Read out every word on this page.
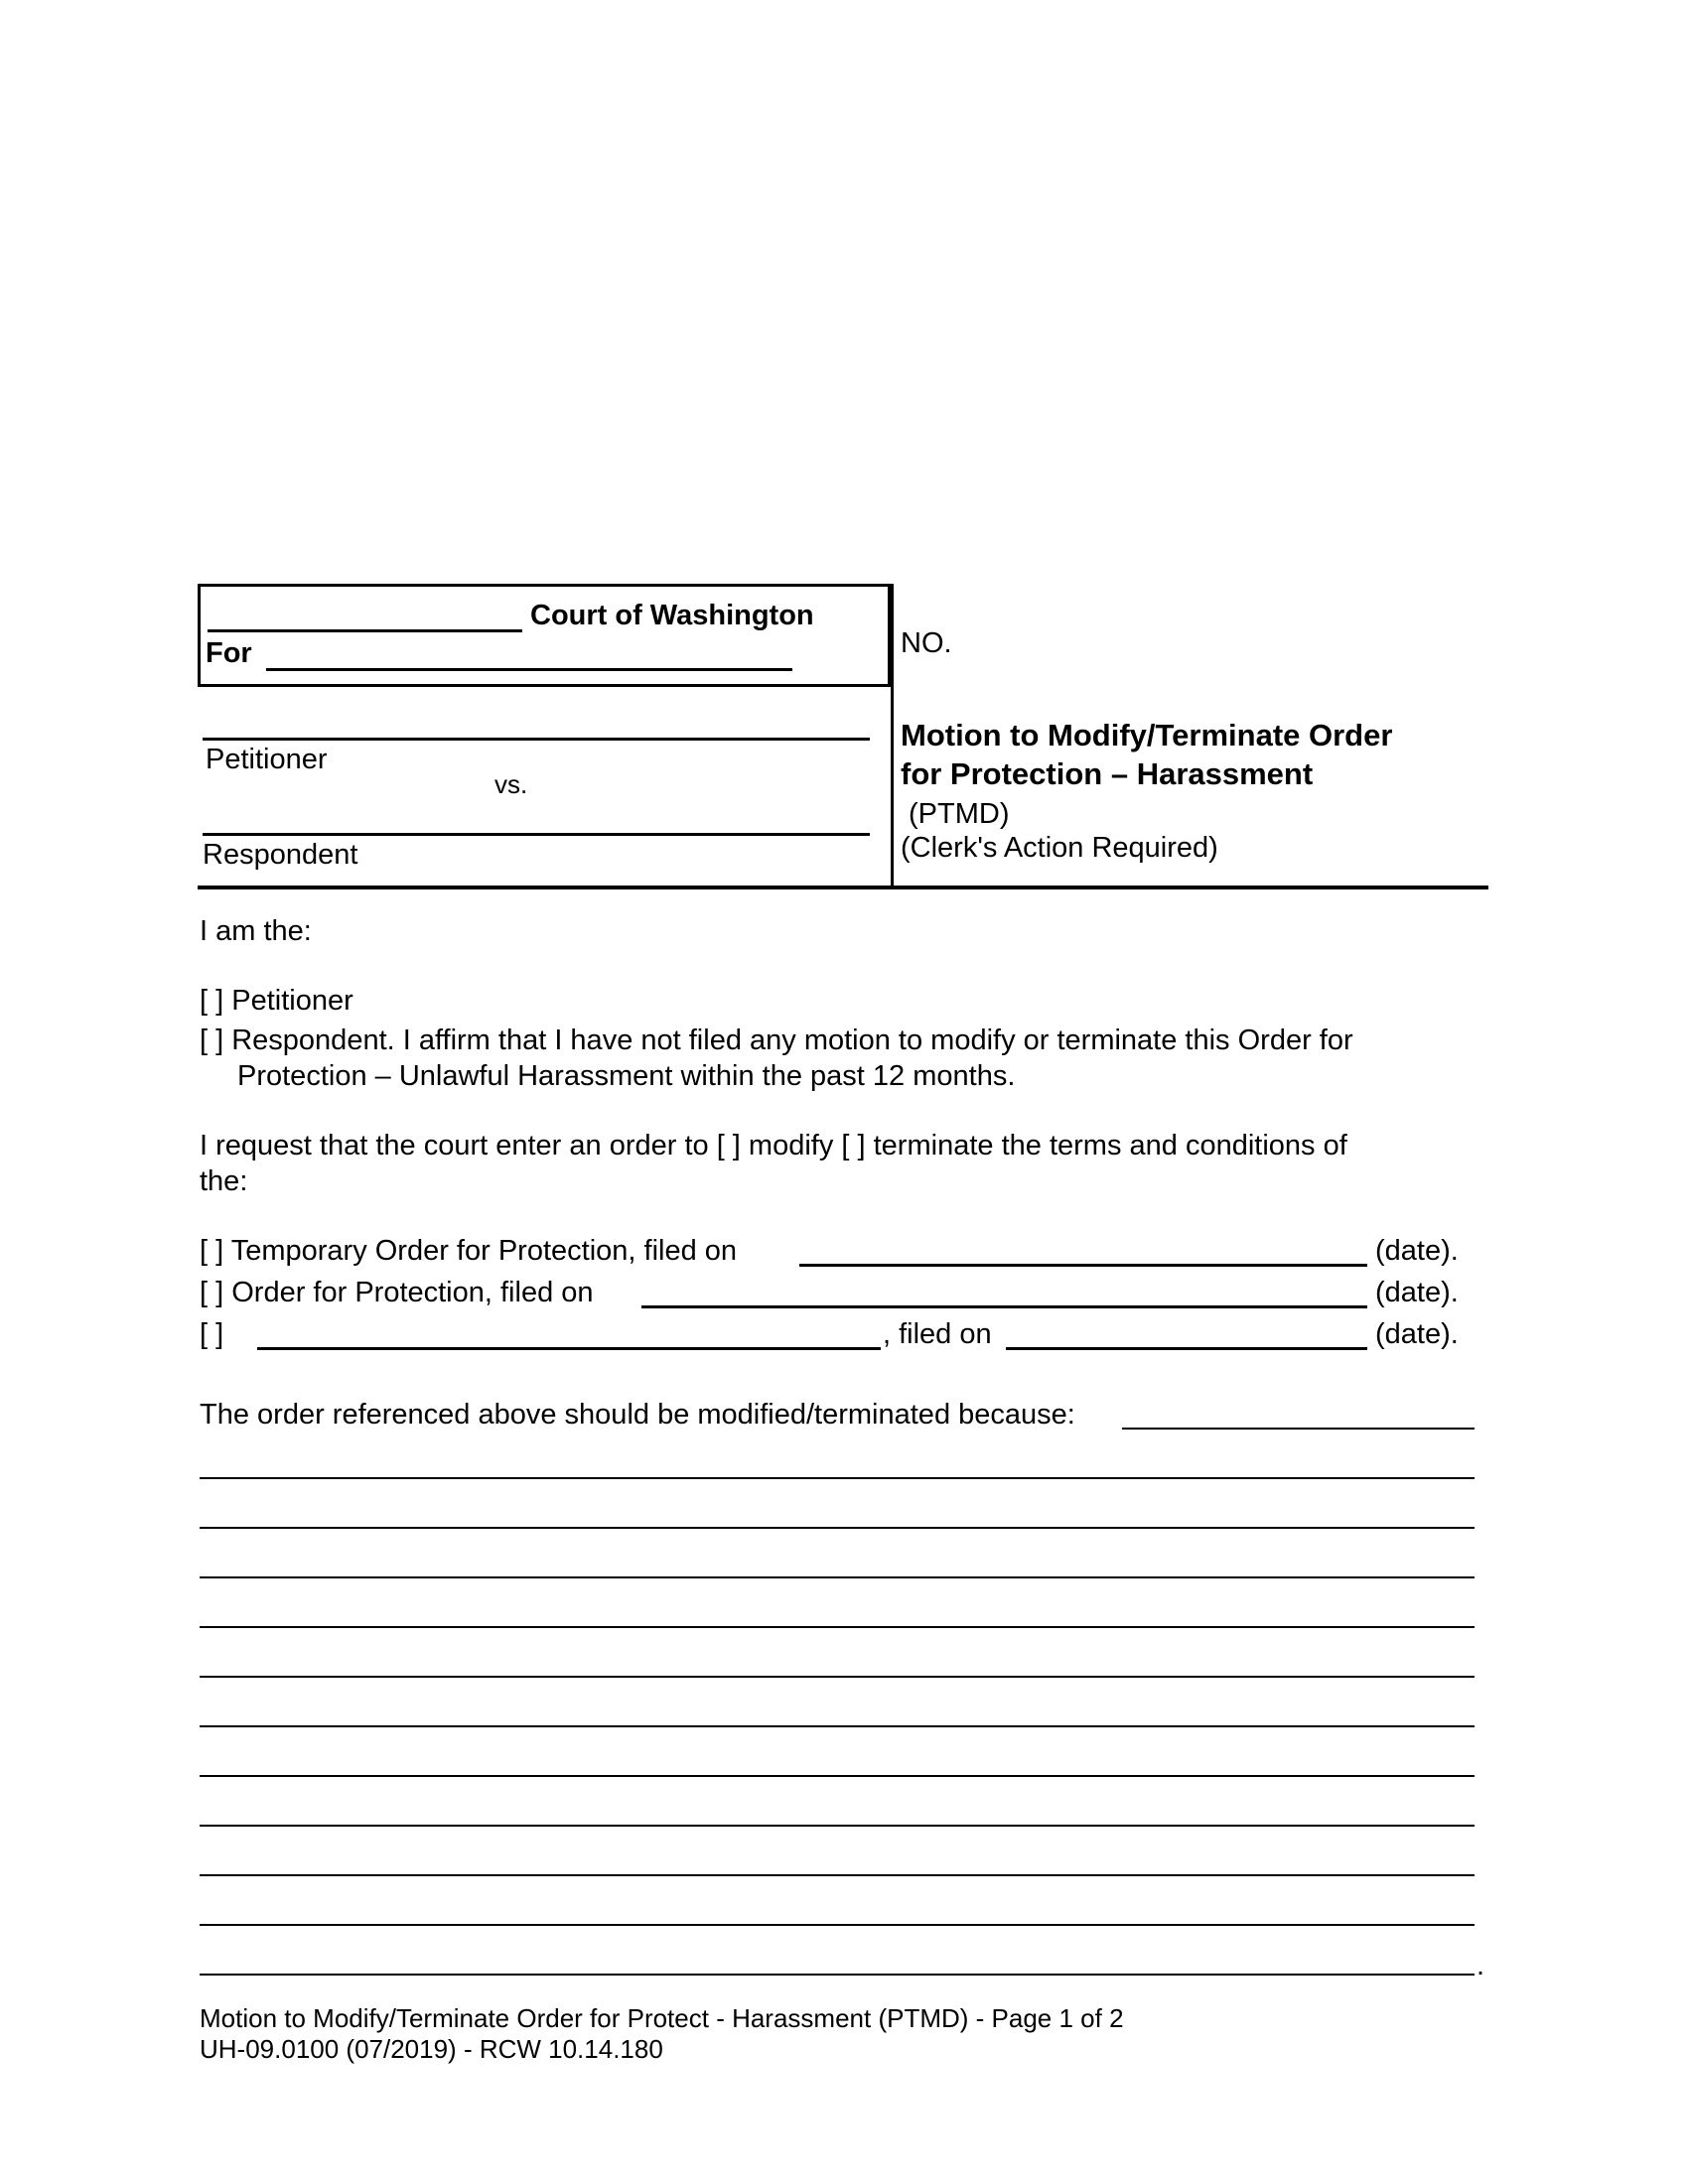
Court of Washington
For	NO.
Petitioner
vs.
Respondent
Motion to Modify/Terminate Order
for Protection – Harassment
(PTMD)
(Clerk's Action Required)
I am the:
[ ] Petitioner
[ ] Respondent. I affirm that I have not filed any motion to modify or terminate this Order for
Protection – Unlawful Harassment within the past 12 months.
I request that the court enter an order to [ ] modify [ ] terminate the terms and conditions of
the:
[ ] Temporary Order for Protection, filed on	(date).
[ ] Order for Protection, filed on	(date).
[ ]	, filed on	(date).
The order referenced above should be modified/terminated because:
.
Motion to Modify/Terminate Order for Protect - Harassment (PTMD) - Page 1 of 2
UH-09.0100 (07/2019) - RCW 10.14.180
